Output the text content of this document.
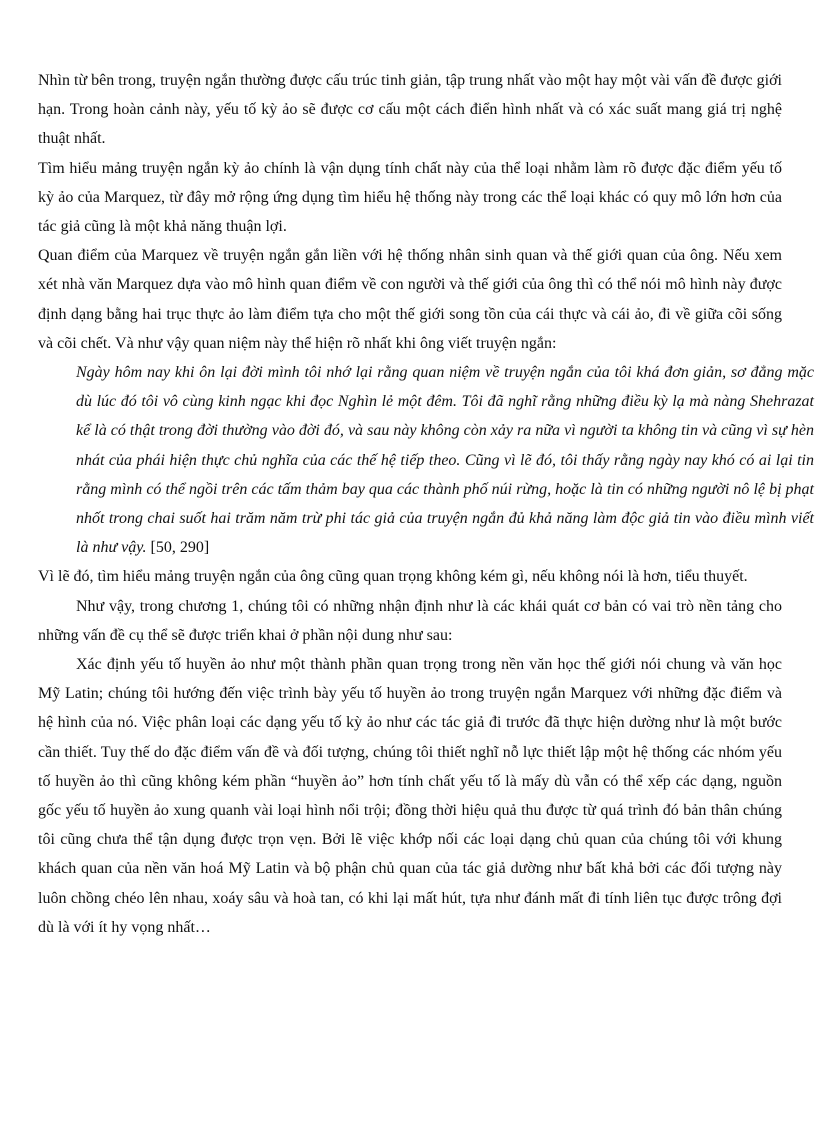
Nhìn từ bên trong, truyện ngắn thường được cấu trúc tinh giản, tập trung nhất vào một hay một vài vấn đề được giới hạn. Trong hoàn cảnh này, yếu tố kỳ ảo sẽ được cơ cấu một cách điển hình nhất và có xác suất mang giá trị nghệ thuật nhất.

Tìm hiểu mảng truyện ngắn kỳ ảo chính là vận dụng tính chất này của thể loại nhằm làm rõ được đặc điểm yếu tố kỳ ảo của Marquez, từ đây mở rộng ứng dụng tìm hiểu hệ thống này trong các thể loại khác có quy mô lớn hơn của tác giả cũng là một khả năng thuận lợi.

Quan điểm của Marquez về truyện ngắn gắn liền với hệ thống nhân sinh quan và thế giới quan của ông. Nếu xem xét nhà văn Marquez dựa vào mô hình quan điểm về con người và thế giới của ông thì có thể nói mô hình này được định dạng bằng hai trục thực ảo làm điểm tựa cho một thế giới song tồn của cái thực và cái ảo, đi về giữa cõi sống và cõi chết. Và như vậy quan niệm này thể hiện rõ nhất khi ông viết truyện ngắn:

Ngày hôm nay khi ôn lại đời mình tôi nhớ lại rằng quan niệm về truyện ngắn của tôi khá đơn giản, sơ đẳng mặc dù lúc đó tôi vô cùng kinh ngạc khi đọc Nghìn lẻ một đêm. Tôi đã nghĩ rằng những điều kỳ lạ mà nàng Shehrazat kể là có thật trong đời thường vào đời đó, và sau này không còn xảy ra nữa vì người ta không tin và cũng vì sự hèn nhát của phái hiện thực chủ nghĩa của các thế hệ tiếp theo. Cũng vì lẽ đó, tôi thấy rằng ngày nay khó có ai lại tin rằng mình có thể ngồi trên các tấm thảm bay qua các thành phố núi rừng, hoặc là tin có những người nô lệ bị phạt nhốt trong chai suốt hai trăm năm trừ phi tác giả của truyện ngắn đủ khả năng làm độc giả tin vào điều mình viết là như vậy. [50, 290]

Vì lẽ đó, tìm hiểu mảng truyện ngắn của ông cũng quan trọng không kém gì, nếu không nói là hơn, tiểu thuyết.

Như vậy, trong chương 1, chúng tôi có những nhận định như là các khái quát cơ bản có vai trò nền tảng cho những vấn đề cụ thể sẽ được triển khai ở phần nội dung như sau:

Xác định yếu tố huyền ảo như một thành phần quan trọng trong nền văn học thế giới nói chung và văn học Mỹ Latin; chúng tôi hướng đến việc trình bày yếu tố huyền ảo trong truyện ngắn Marquez với những đặc điểm và hệ hình của nó. Việc phân loại các dạng yếu tố kỳ ảo như các tác giả đi trước đã thực hiện dường như là một bước cần thiết. Tuy thế do đặc điểm vấn đề và đối tượng, chúng tôi thiết nghĩ nỗ lực thiết lập một hệ thống các nhóm yếu tố huyền ảo thì cũng không kém phần “huyền ảo” hơn tính chất yếu tố là mấy dù vẫn có thể xếp các dạng, nguồn gốc yếu tố huyền ảo xung quanh vài loại hình nổi trội; đồng thời hiệu quả thu được từ quá trình đó bản thân chúng tôi cũng chưa thể tận dụng được trọn vẹn. Bởi lẽ việc khớp nối các loại dạng chủ quan của chúng tôi với khung khách quan của nền văn hoá Mỹ Latin và bộ phận chủ quan của tác giả dường như bất khả bởi các đối tượng này luôn chồng chéo lên nhau, xoáy sâu và hoà tan, có khi lại mất hút, tựa như đánh mất đi tính liên tục được trông đợi dù là với ít hy vọng nhất…
